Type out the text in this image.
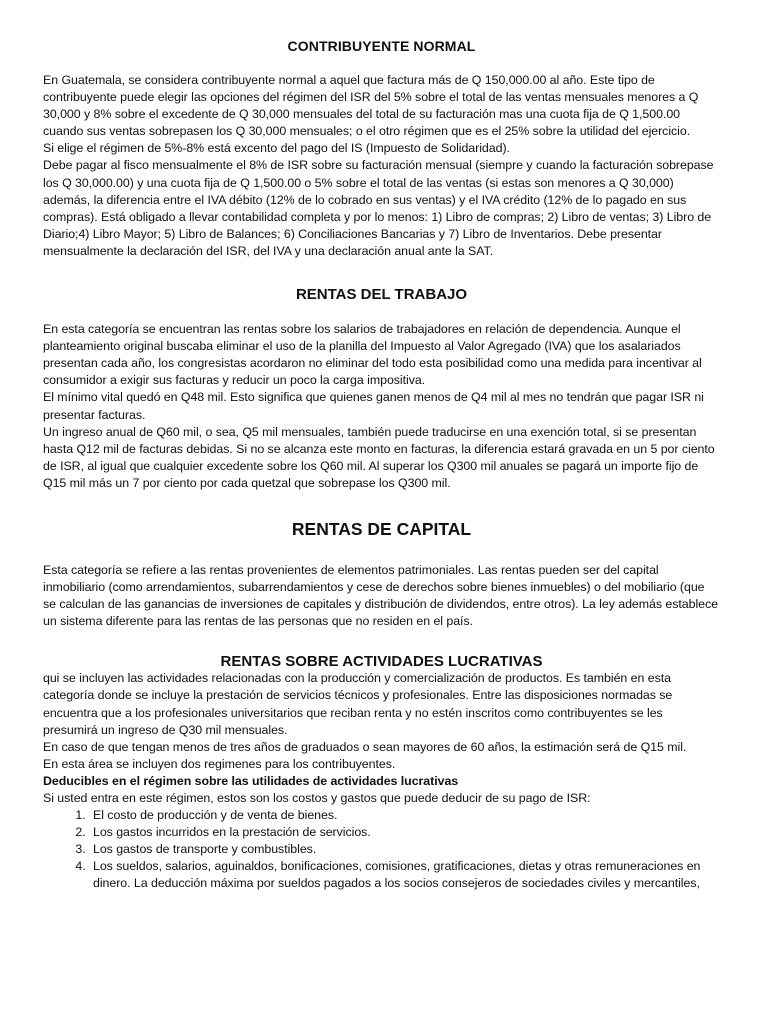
CONTRIBUYENTE NORMAL

En Guatemala, se considera contribuyente normal a aquel que factura más de Q 150,000.00 al año. Este tipo de contribuyente puede elegir las opciones del régimen del ISR del 5% sobre el total de las ventas mensuales menores a Q 30,000 y 8% sobre el excedente de Q 30,000 mensuales del total de su facturación mas una cuota fija de Q 1,500.00 cuando sus ventas sobrepasen los Q 30,000 mensuales; o el otro régimen que es el 25% sobre la utilidad del ejercicio.

Si elige el régimen de 5%-8% está excento del pago del IS (Impuesto de Solidaridad).

Debe pagar al fisco mensualmente el 8% de ISR sobre su facturación mensual (siempre y cuando la facturación sobrepase los Q 30,000.00) y una cuota fija de Q 1,500.00 o 5% sobre el total de las ventas (si estas son menores a Q 30,000) además, la diferencia entre el IVA débito (12% de lo cobrado en sus ventas) y el IVA crédito (12% de lo pagado en sus compras). Está obligado a llevar contabilidad completa y por lo menos: 1) Libro de compras; 2) Libro de ventas; 3) Libro de Diario;4) Libro Mayor; 5) Libro de Balances; 6) Conciliaciones Bancarias y 7) Libro de Inventarios. Debe presentar mensualmente la declaración del ISR, del IVA y una declaración anual ante la SAT.

RENTAS DEL TRABAJO

En esta categoría se encuentran las rentas sobre los salarios de trabajadores en relación de dependencia. Aunque el planteamiento original buscaba eliminar el uso de la planilla del Impuesto al Valor Agregado (IVA) que los asalariados presentan cada año, los congresistas acordaron no eliminar del todo esta posibilidad como una medida para incentivar al consumidor a exigir sus facturas y reducir un poco la carga impositiva.

El mínimo vital quedó en Q48 mil. Esto significa que quienes ganen menos de Q4 mil al mes no tendrán que pagar ISR ni presentar facturas.

Un ingreso anual de Q60 mil, o sea, Q5 mil mensuales, también puede traducirse en una exención total, si se presentan hasta Q12 mil de facturas debidas. Si no se alcanza este monto en facturas, la diferencia estará gravada en un 5 por ciento de ISR, al igual que cualquier excedente sobre los Q60 mil. Al superar los Q300 mil anuales se pagará un importe fijo de Q15 mil más un 7 por ciento por cada quetzal que sobrepase los Q300 mil.

RENTAS DE CAPITAL

Esta categoría se refiere a las rentas provenientes de elementos patrimoniales. Las rentas pueden ser del capital inmobiliario (como arrendamientos, subarrendamientos y cese de derechos sobre bienes inmuebles) o del mobiliario (que se calculan de las ganancias de inversiones de capitales y distribución de dividendos, entre otros). La ley además establece un sistema diferente para las rentas de las personas que no residen en el país.

RENTAS SOBRE ACTIVIDADES LUCRATIVAS

qui se incluyen las actividades relacionadas con la producción y comercialización de productos. Es también en esta categoría donde se incluye la prestación de servicios técnicos y profesionales. Entre las disposiciones normadas se encuentra que a los profesionales universitarios que reciban renta y no estén inscritos como contribuyentes se les presumirá un ingreso de Q30 mil mensuales.

En caso de que tengan menos de tres años de graduados o sean mayores de 60 años, la estimación será de Q15 mil.

En esta área se incluyen dos regimenes para los contribuyentes.

Deducibles en el régimen sobre las utilidades de actividades lucrativas

Si usted entra en este régimen, estos son los costos y gastos que puede deducir de su pago de ISR:

1. El costo de producción y de venta de bienes.
2. Los gastos incurridos en la prestación de servicios.
3. Los gastos de transporte y combustibles.
4. Los sueldos, salarios, aguinaldos, bonificaciones, comisiones, gratificaciones, dietas y otras remuneraciones en dinero. La deducción máxima por sueldos pagados a los socios consejeros de sociedades civiles y mercantiles,
